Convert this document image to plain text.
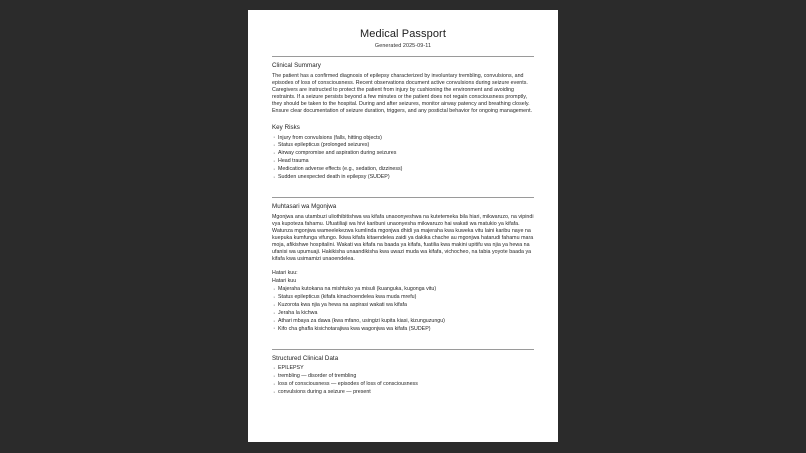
Medical Passport
Generated 2025-09-11
Clinical Summary

The patient has a confirmed diagnosis of epilepsy characterized by involuntary trembling, convulsions, and episodes of loss of consciousness. Recent observations document active convulsions during seizure events. Caregivers are instructed to protect the patient from injury by cushioning the environment and avoiding restraints. If a seizure persists beyond a few minutes or the patient does not regain consciousness promptly, they should be taken to the hospital. During and after seizures, monitor airway patency and breathing closely. Ensure clear documentation of seizure duration, triggers, and any postictal behavior for ongoing management.

Key Risks
· Injury from convulsions (falls, hitting objects)
· Status epilepticus (prolonged seizures)
· Airway compromise and aspiration during seizures
· Head trauma
· Medication adverse effects (e.g., sedation, dizziness)
· Sudden unexpected death in epilepsy (SUDEP)
Muhtasari wa Mgonjwa

Mgonjwa ana utambuzi uliothibitishwa wa kifafa unaoonyeshwa na kutetemeka bila hiari, mikwaruzo, na vipindi vya kupoteza fahamu. Ufuatiliaji wa hivi karibuni unaonyesha mikwaruzo hai wakati wa matukio ya kifafa. Watunza mgonjwa wameelekezwa kumlinda mgonjwa dhidi ya majeraha kwa kuweka vitu laini karibu naye na kuepuka kumfunga vifungo. Ikiwa kifafa kitaendelea zaidi ya dakika chache au mgonjwa hatarudi fahamu mara moja, afikishwe hospitalini. Wakati wa kifafa na baada ya kifafa, fuatilia kwa makini upitifu wa njia ya hewa na ufanisi wa upumuaji. Hakikisha unaandikisha kwa uwazi muda wa kifafa, vichocheo, na tabia yoyote baada ya kifafa kwa usimamizi unaoendelea.

Hatari kuu:
Hatari kuu
· Majeraha kutokana na mishtuko ya misuli (kuanguka, kugonga vitu)
· Status epilepticus (kifafa kinachoendelea kwa muda mrefu)
· Kuzorota kwa njia ya hewa na aspirasi wakati wa kifafa
· Jeraha la kichwa
· Athari mbaya za dawa (kwa mfano, usingizi kupita kiasi, kizunguzungu)
· Kifo cha ghafla kisichotarajiwa kwa wagonjwa wa kifafa (SUDEP)
Structured Clinical Data
· EPILEPSY
· trembling — disorder of trembling
· loss of consciousness — episodes of loss of consciousness
· convulsions during a seizure — present
